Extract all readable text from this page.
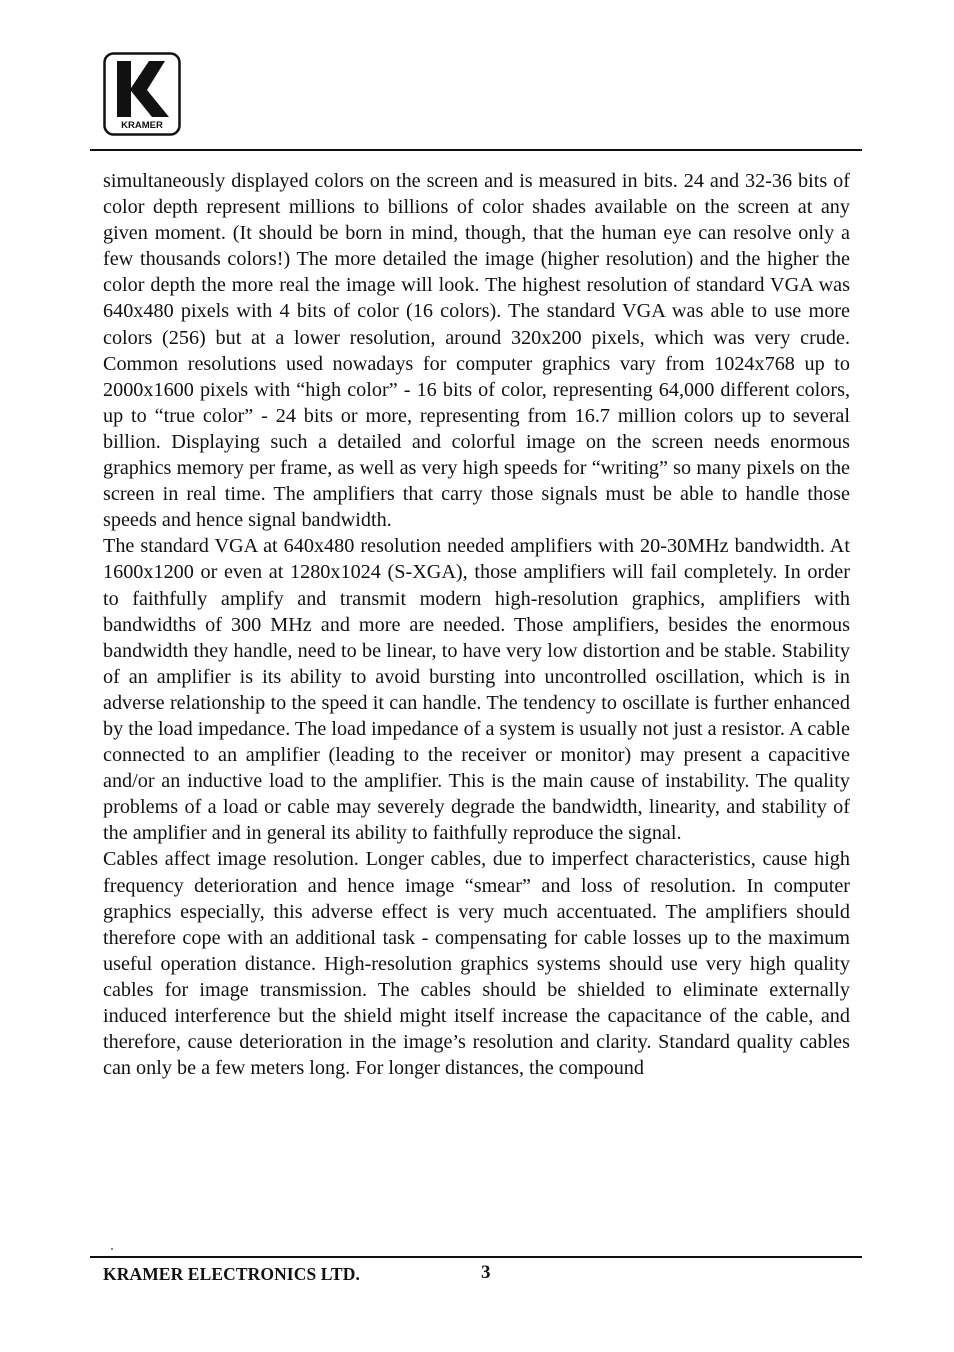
KRAMER

simultaneously displayed colors on the screen and is measured in bits. 24 and 32-36 bits of color depth represent millions to billions of color shades available on the screen at any given moment. (It should be born in mind, though, that the human eye can resolve only a few thousands colors!) The more detailed the image (higher resolution) and the higher the color depth the more real the image will look. The highest resolution of standard VGA was 640x480 pixels with 4 bits of color (16 colors). The standard VGA was able to use more colors (256) but at a lower resolution, around 320x200 pixels, which was very crude. Common resolutions used nowadays for computer graphics vary from 1024x768 up to 2000x1600 pixels with “high color” - 16 bits of color, representing 64,000 different colors, up to “true color” - 24 bits or more, representing from 16.7 million colors up to several billion. Displaying such a detailed and colorful image on the screen needs enormous graphics memory per frame, as well as very high speeds for “writing” so many pixels on the screen in real time. The amplifiers that carry those signals must be able to handle those speeds and hence signal bandwidth.

The standard VGA at 640x480 resolution needed amplifiers with 20-30MHz bandwidth. At 1600x1200 or even at 1280x1024 (S-XGA), those amplifiers will fail completely. In order to faithfully amplify and transmit modern high-resolution graphics, amplifiers with bandwidths of 300 MHz and more are needed. Those amplifiers, besides the enormous bandwidth they handle, need to be linear, to have very low distortion and be stable. Stability of an amplifier is its ability to avoid bursting into uncontrolled oscillation, which is in adverse relationship to the speed it can handle. The tendency to oscillate is further enhanced by the load impedance. The load impedance of a system is usually not just a resistor. A cable connected to an amplifier (leading to the receiver or monitor) may present a capacitive and/or an inductive load to the amplifier. This is the main cause of instability. The quality problems of a load or cable may severely degrade the bandwidth, linearity, and stability of the amplifier and in general its ability to faithfully reproduce the signal.

Cables affect image resolution. Longer cables, due to imperfect characteristics, cause high frequency deterioration and hence image “smear” and loss of resolution. In computer graphics especially, this adverse effect is very much accentuated. The amplifiers should therefore cope with an additional task - compensating for cable losses up to the maximum useful operation distance. High-resolution graphics systems should use very high quality cables for image transmission. The cables should be shielded to eliminate externally induced interference but the shield might itself increase the capacitance of the cable, and therefore, cause deterioration in the image’s resolution and clarity. Standard quality cables can only be a few meters long. For longer distances, the compound

KRAMER ELECTRONICS LTD.	3
